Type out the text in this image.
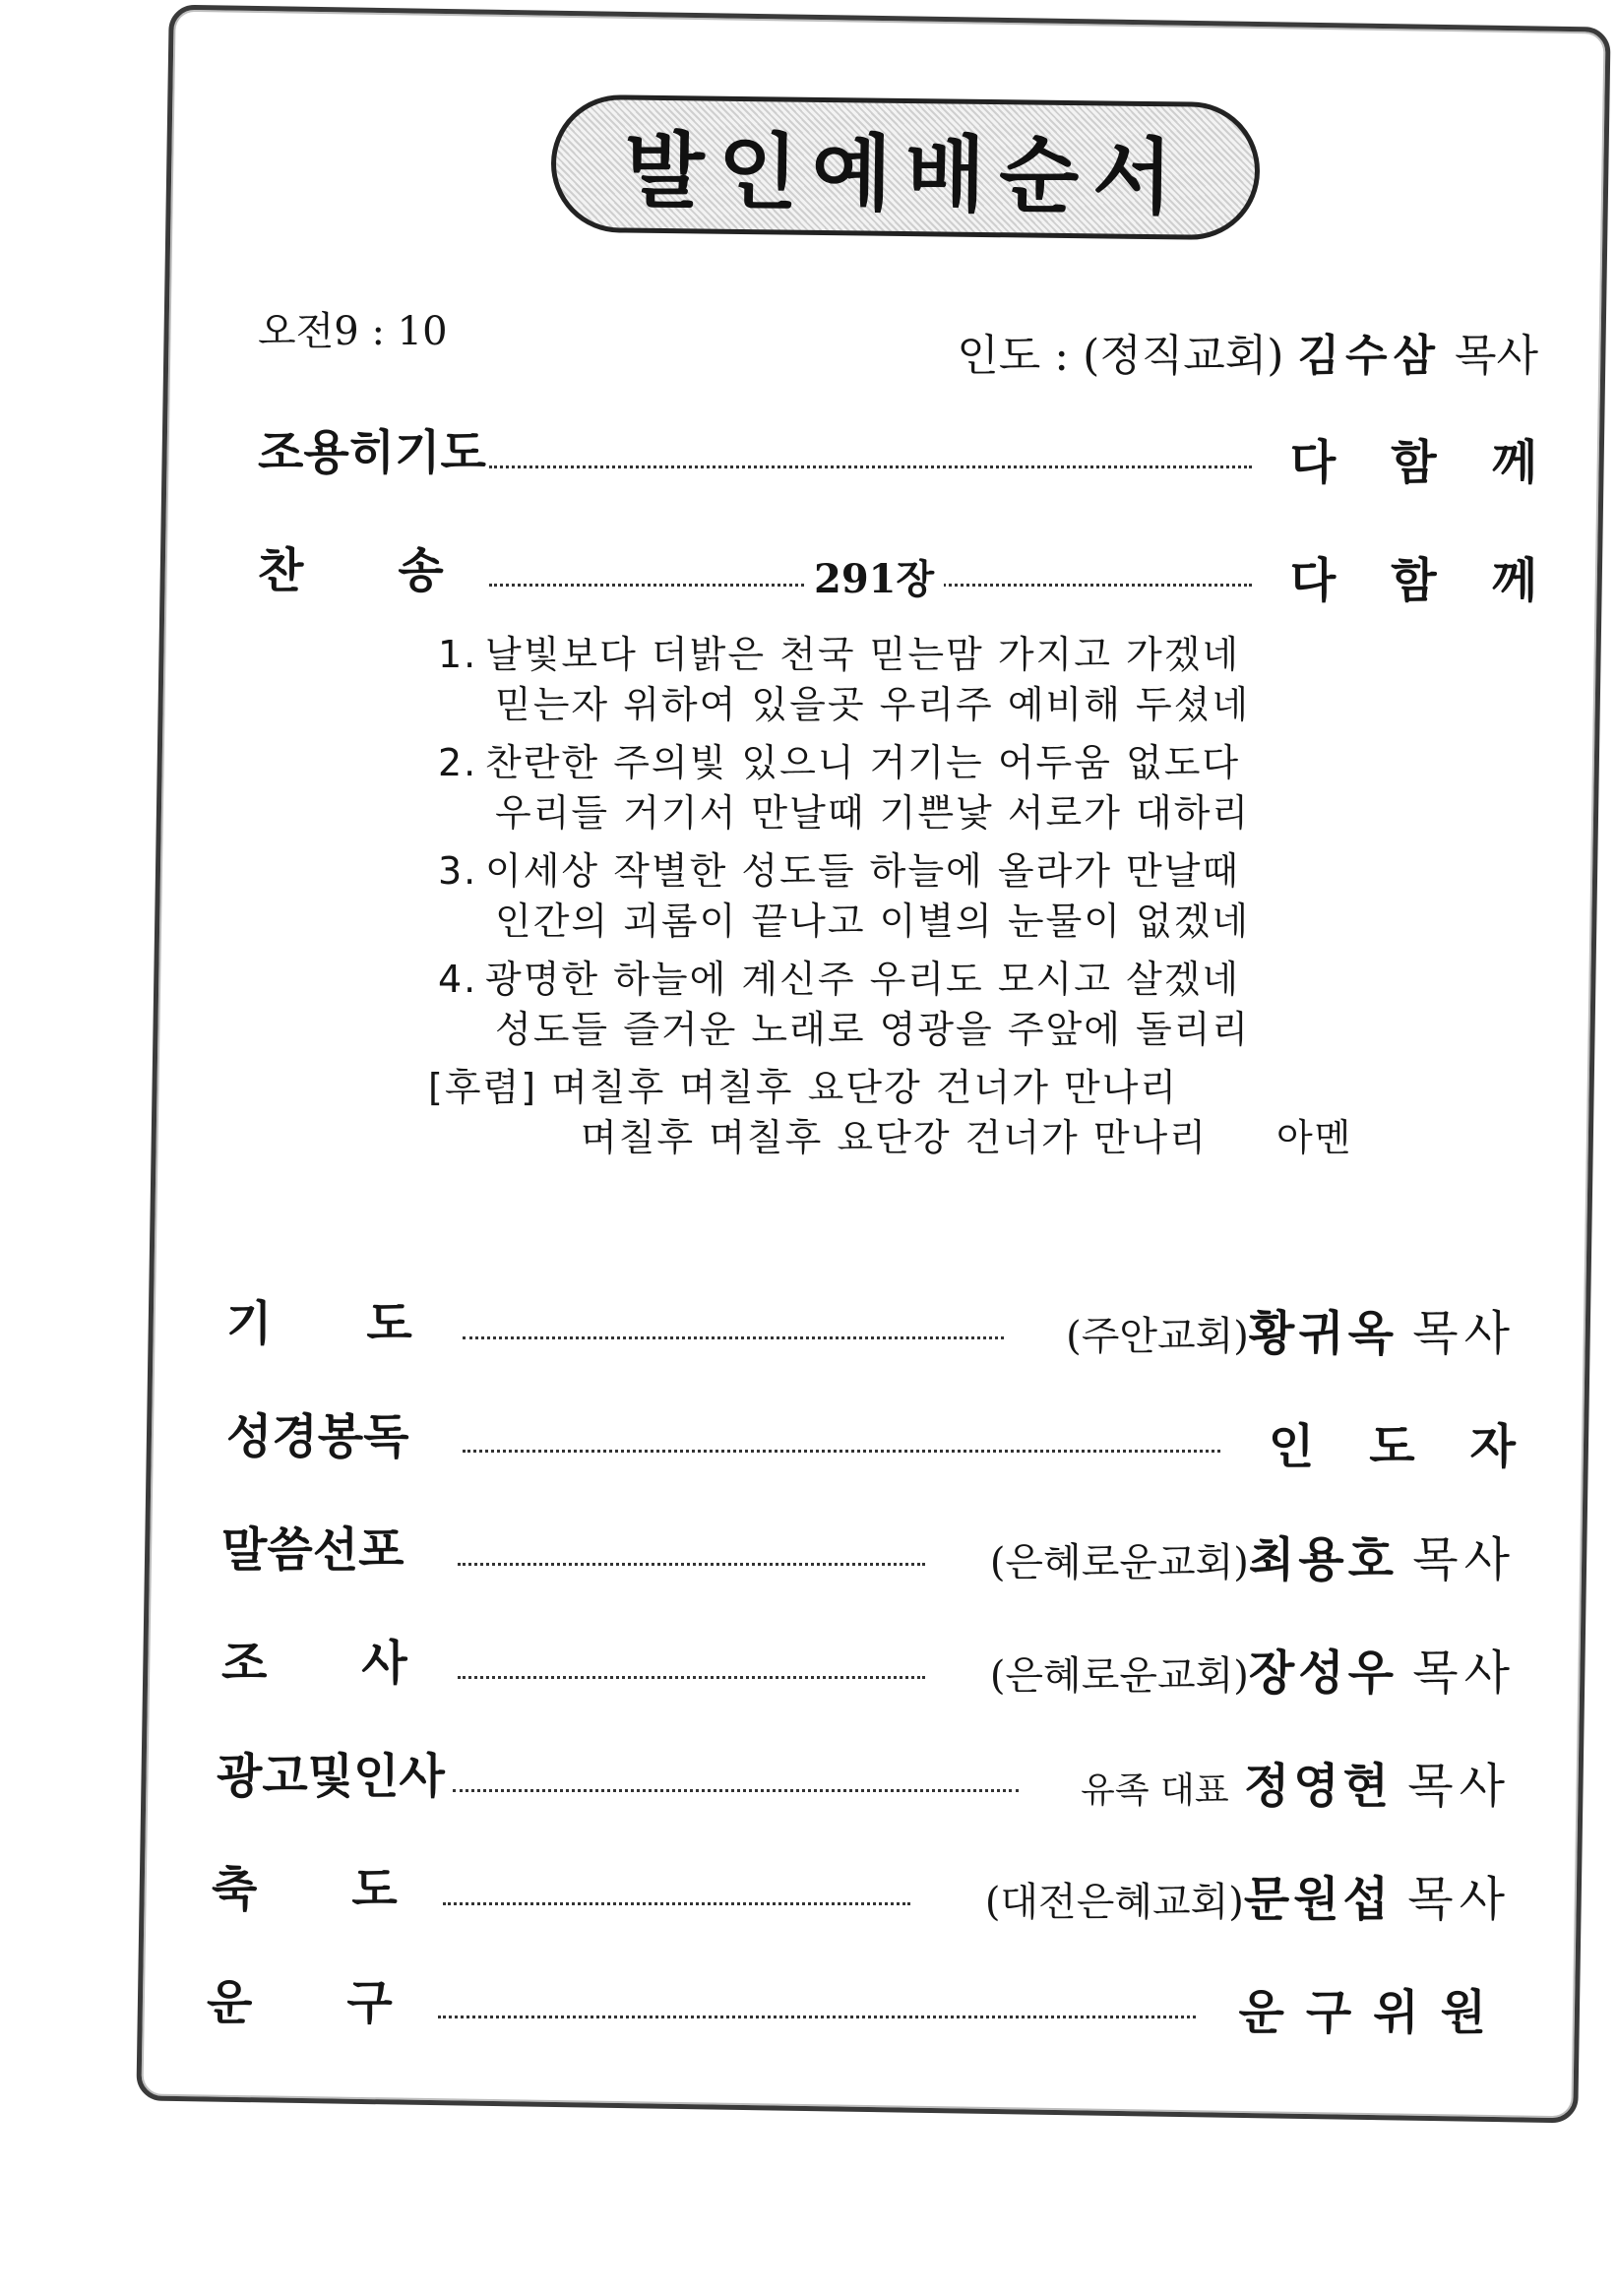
발인예배순서
오전9 : 10	인도 : (정직교회) 김수삼 목사
조용히기도	다함께
찬　　송	291장	다함께
1. 날빛보다 더밝은 천국 믿는맘 가지고 가겠네
믿는자 위하여 있을곳 우리주 예비해 두셨네
2. 찬란한 주의빛 있으니 거기는 어두움 없도다
우리들 거기서 만날때 기쁜낯 서로가 대하리
3. 이세상 작별한 성도들 하늘에 올라가 만날때
인간의 괴롬이 끝나고 이별의 눈물이 없겠네
4. 광명한 하늘에 계신주 우리도 모시고 살겠네
성도들 즐거운 노래로 영광을 주앞에 돌리리
[후렴] 며칠후 며칠후 요단강 건너가 만나리
며칠후 며칠후 요단강 건너가 만나리 아멘
기　　도	(주안교회)황귀옥 목사
성경봉독	인도자
말씀선포	(은혜로운교회)최용호 목사
조　　사	(은혜로운교회)장성우 목사
광고및인사	유족 대표 정영현 목사
축　　도	(대전은혜교회)문원섭 목사
운　　구	운구위원
